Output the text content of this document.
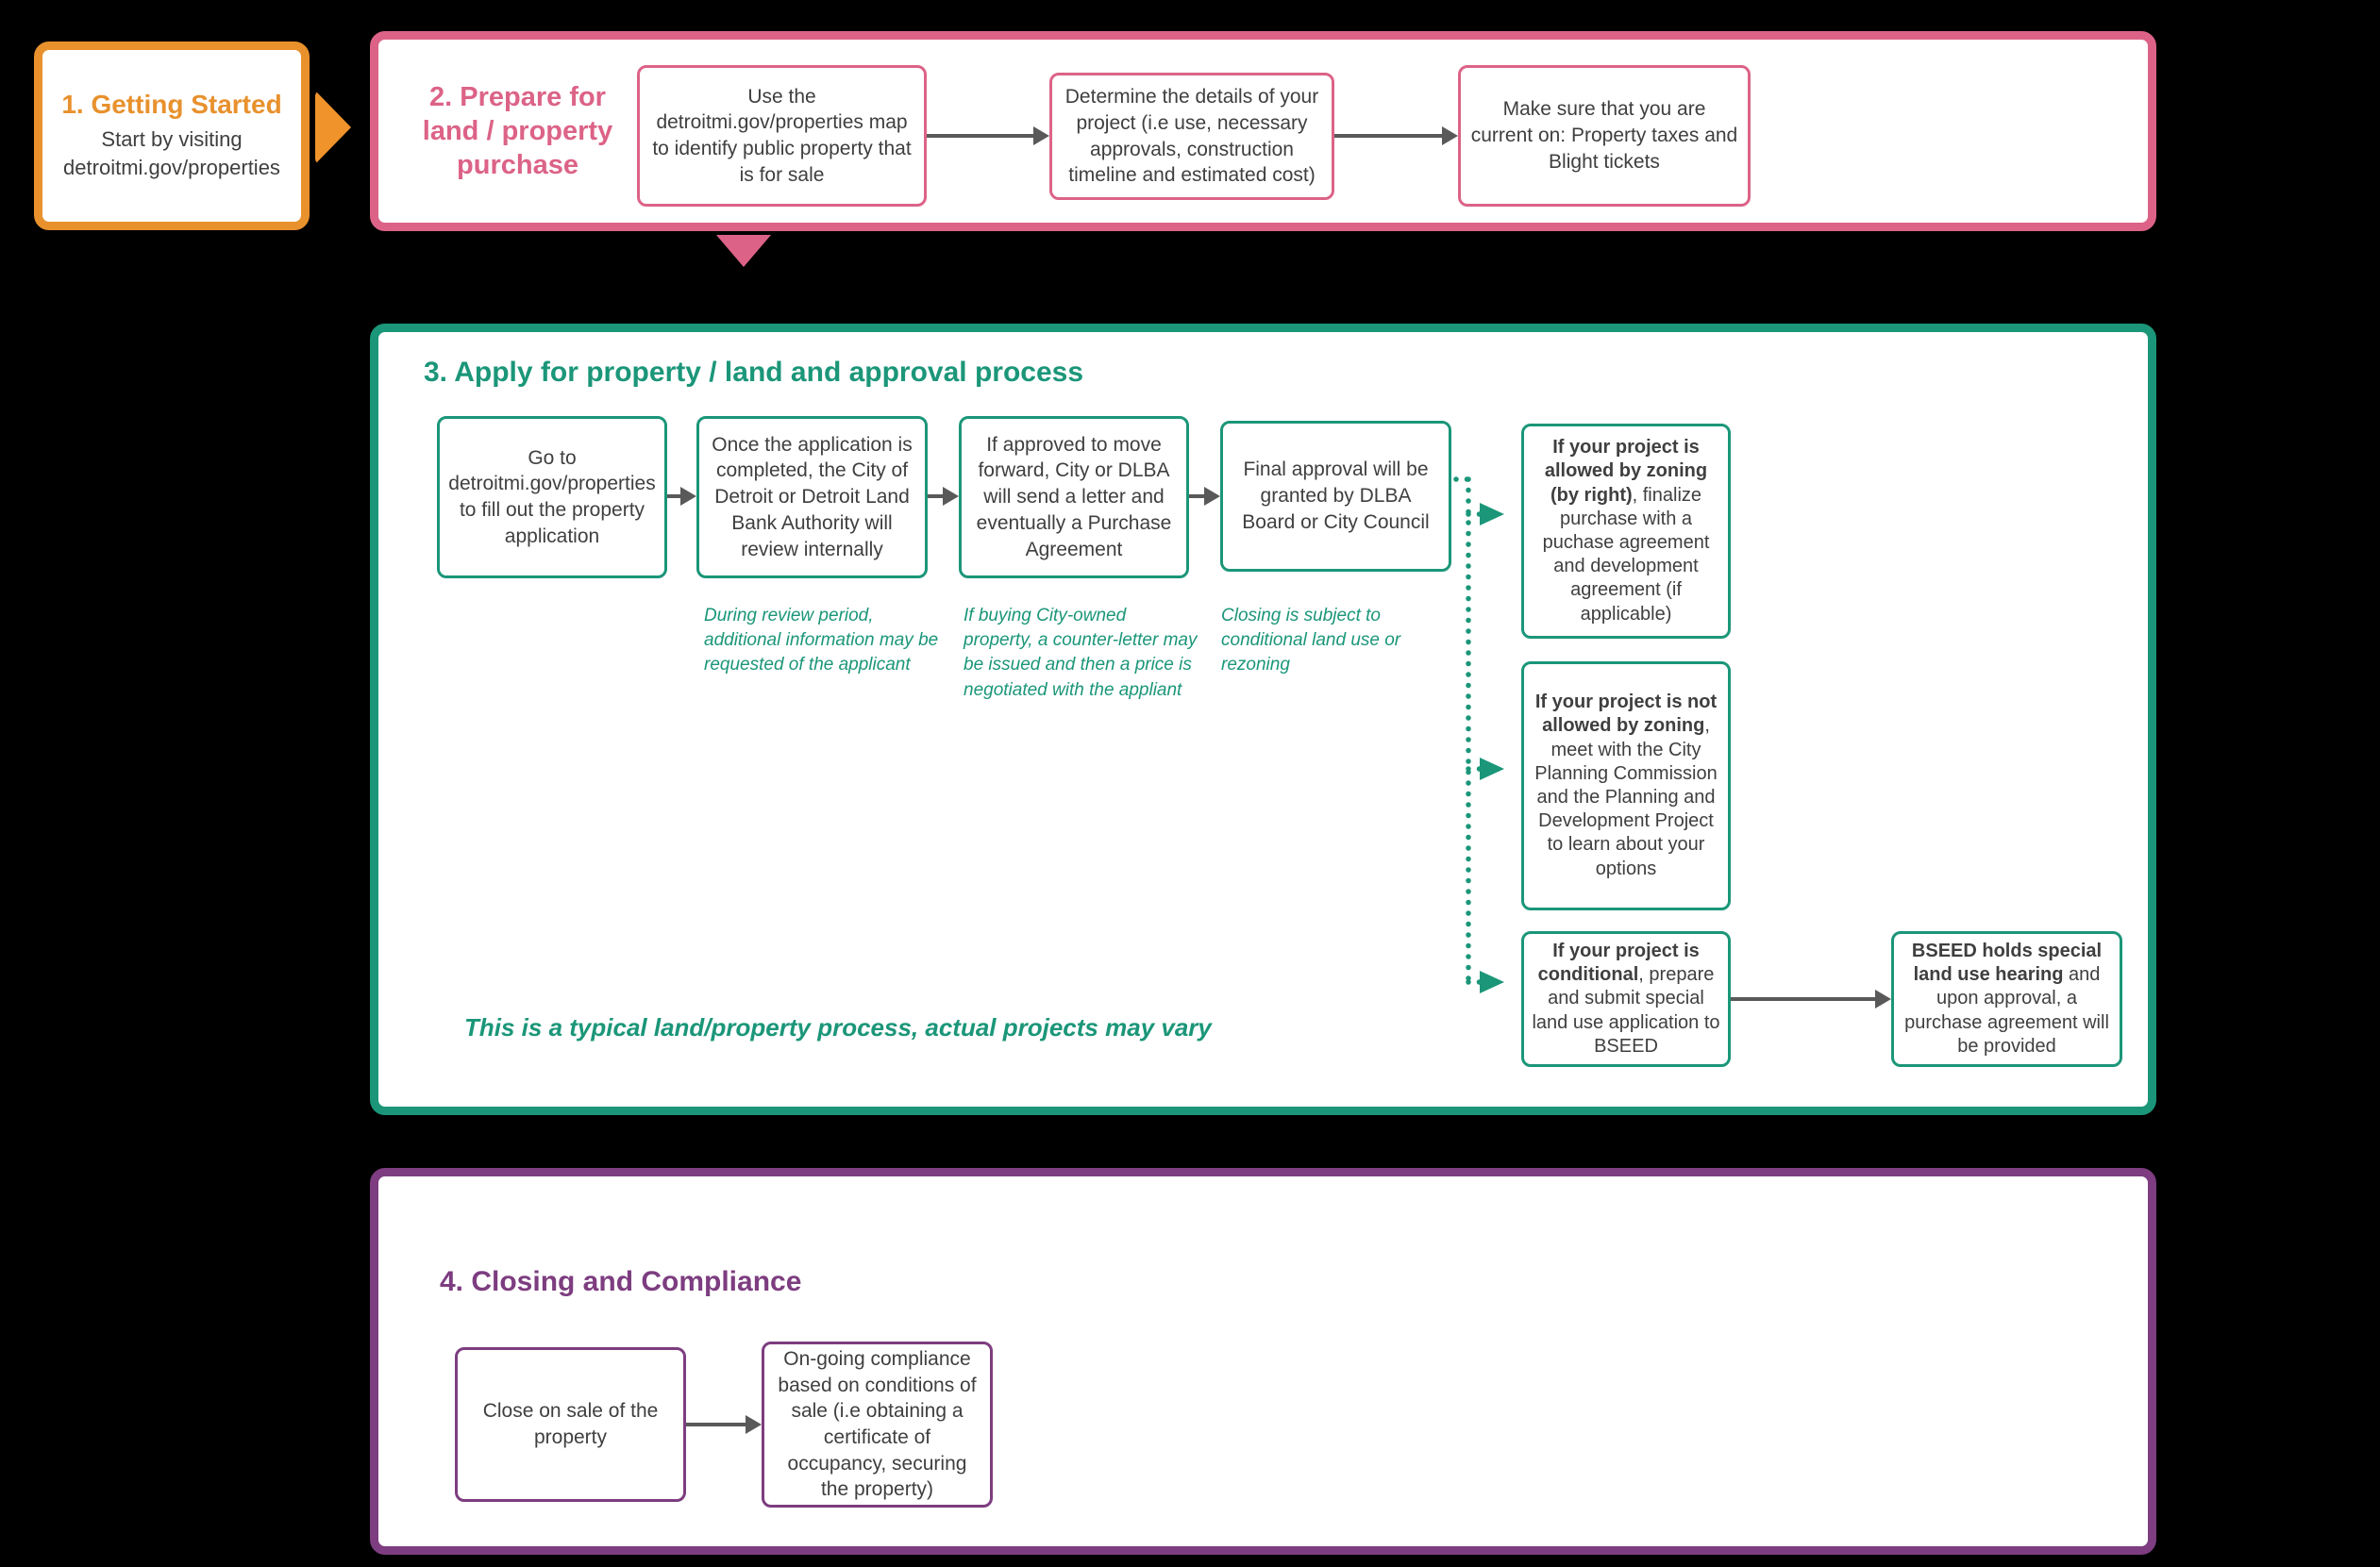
1. Getting Started
Start by visiting detroitmi.gov/properties
2. Prepare for
land / property
purchase
Use the detroitmi.gov/properties map to identify public property that is for sale
Determine the details of your project (i.e use, necessary approvals, construction timeline and estimated cost)
Make sure that you are current on: Property taxes and Blight tickets
3. Apply for property / land and approval process
Go to detroitmi.gov/properties to fill out the property application
Once the application is completed, the City of Detroit or Detroit Land Bank Authority will review internally
If approved to move forward, City or DLBA will send a letter and eventually a Purchase Agreement
Final approval will be granted by DLBA Board or City Council
During review period, additional information may be requested of the applicant
If buying City-owned property, a counter-letter may be issued and then a price is negotiated with the appliant
Closing is subject to conditional land use or rezoning
If your project is allowed by zoning (by right), finalize purchase with a puchase agreement and development agreement (if applicable)
If your project is not allowed by zoning, meet with the City Planning Commission and the Planning and Development Project to learn about your options
If your project is conditional, prepare and submit special land use application to BSEED
BSEED holds special land use hearing and upon approval, a purchase agreement will be provided
This is a typical land/property process, actual projects may vary
4. Closing and Compliance
Close on sale of the property
On-going compliance based on conditions of sale (i.e obtaining a certificate of occupancy, securing the property)
